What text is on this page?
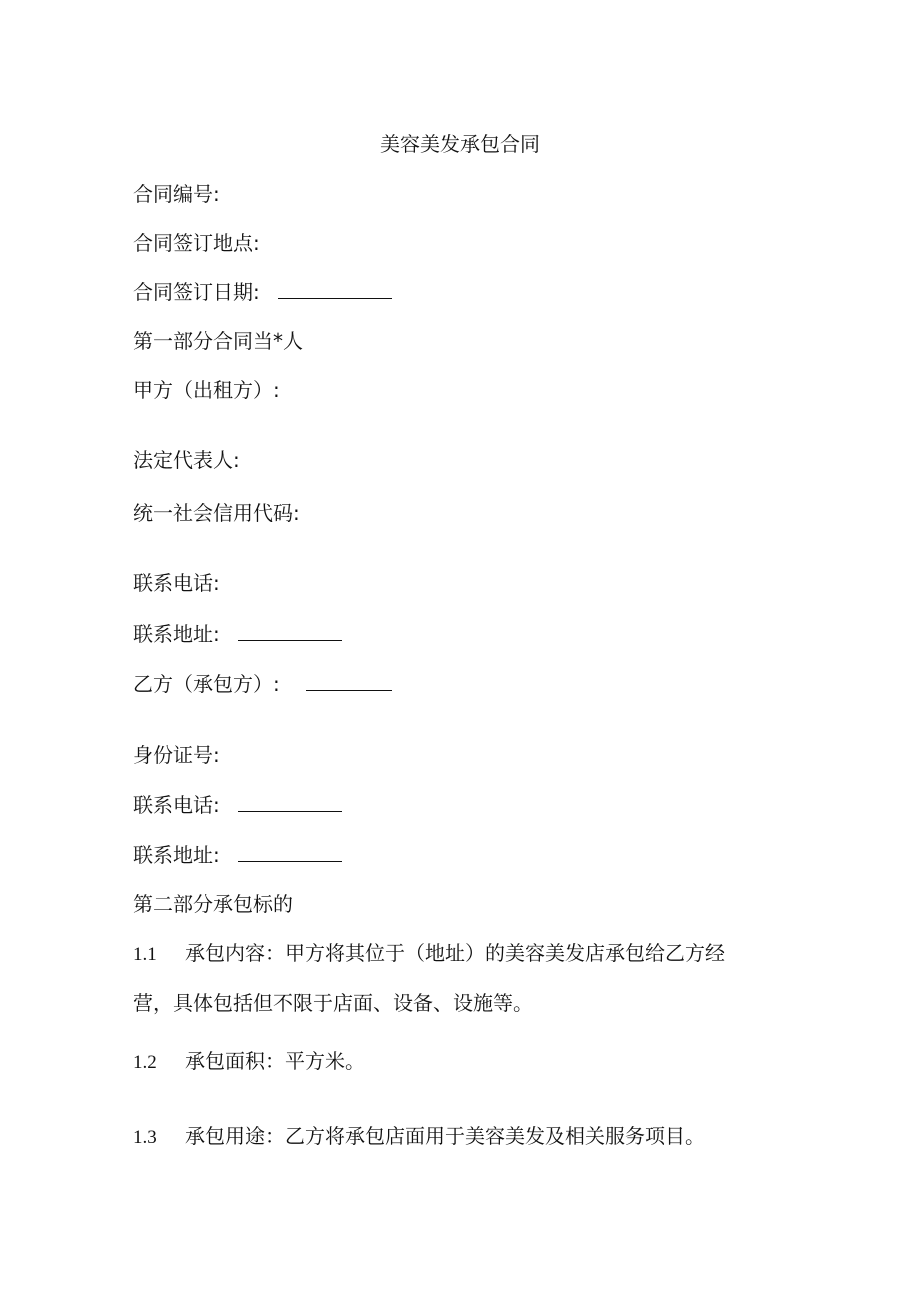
美容美发承包合同
合同编号:
合同签订地点:
合同签订日期:
第一部分合同当*人
甲方（出租方）:
法定代表人:
统一社会信用代码:
联系电话:
联系地址:
乙方（承包方）:
身份证号:
联系电话:
联系地址:
第二部分承包标的
1.1 承包内容：甲方将其位于（地址）的美容美发店承包给乙方经
营，具体包括但不限于店面、设备、设施等。
1.2 承包面积：平方米。
1.3 承包用途：乙方将承包店面用于美容美发及相关服务项目。
